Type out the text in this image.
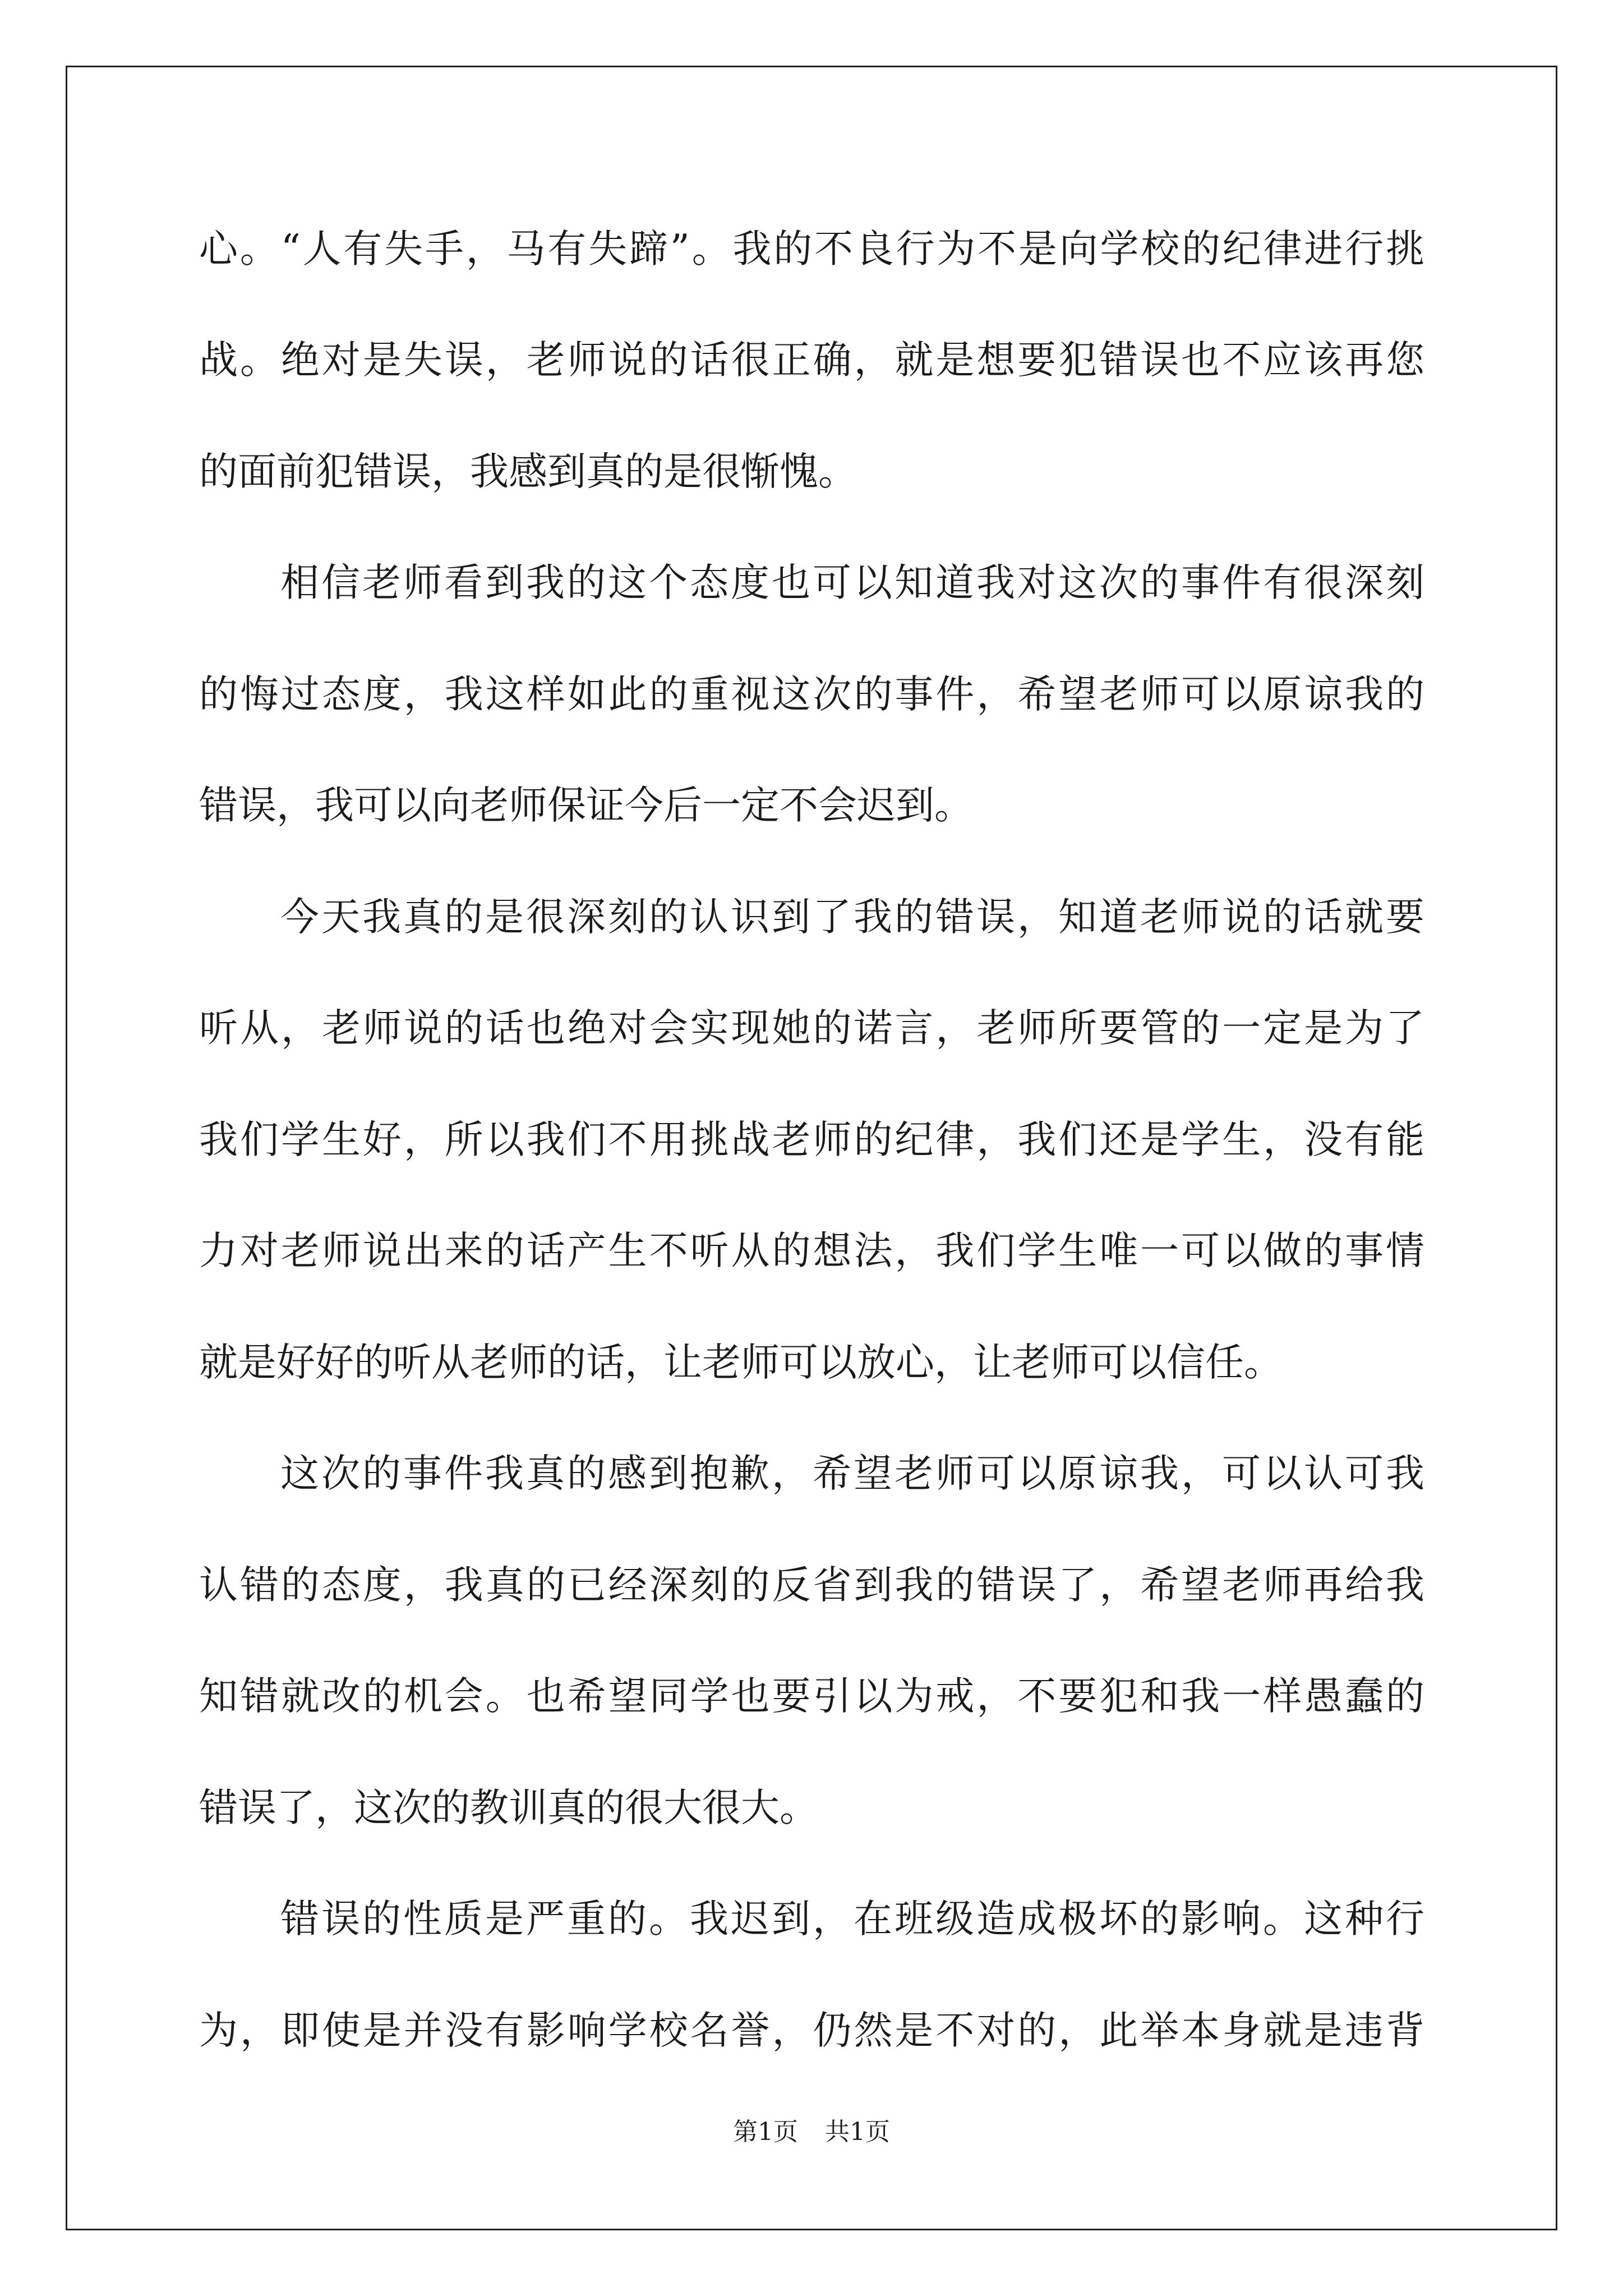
心。“人有失手，马有失蹄”。我的不良行为不是向学校的纪律进行挑
战。绝对是失误，老师说的话很正确，就是想要犯错误也不应该再您
的面前犯错误，我感到真的是很惭愧。
相信老师看到我的这个态度也可以知道我对这次的事件有很深刻
的悔过态度，我这样如此的重视这次的事件，希望老师可以原谅我的
错误，我可以向老师保证今后一定不会迟到。
今天我真的是很深刻的认识到了我的错误，知道老师说的话就要
听从，老师说的话也绝对会实现她的诺言，老师所要管的一定是为了
我们学生好，所以我们不用挑战老师的纪律，我们还是学生，没有能
力对老师说出来的话产生不听从的想法，我们学生唯一可以做的事情
就是好好的听从老师的话，让老师可以放心，让老师可以信任。
这次的事件我真的感到抱歉，希望老师可以原谅我，可以认可我
认错的态度，我真的已经深刻的反省到我的错误了，希望老师再给我
知错就改的机会。也希望同学也要引以为戒，不要犯和我一样愚蠢的
错误了，这次的教训真的很大很大。
错误的性质是严重的。我迟到，在班级造成极坏的影响。这种行
为，即使是并没有影响学校名誉，仍然是不对的，此举本身就是违背
第1页 共1页
